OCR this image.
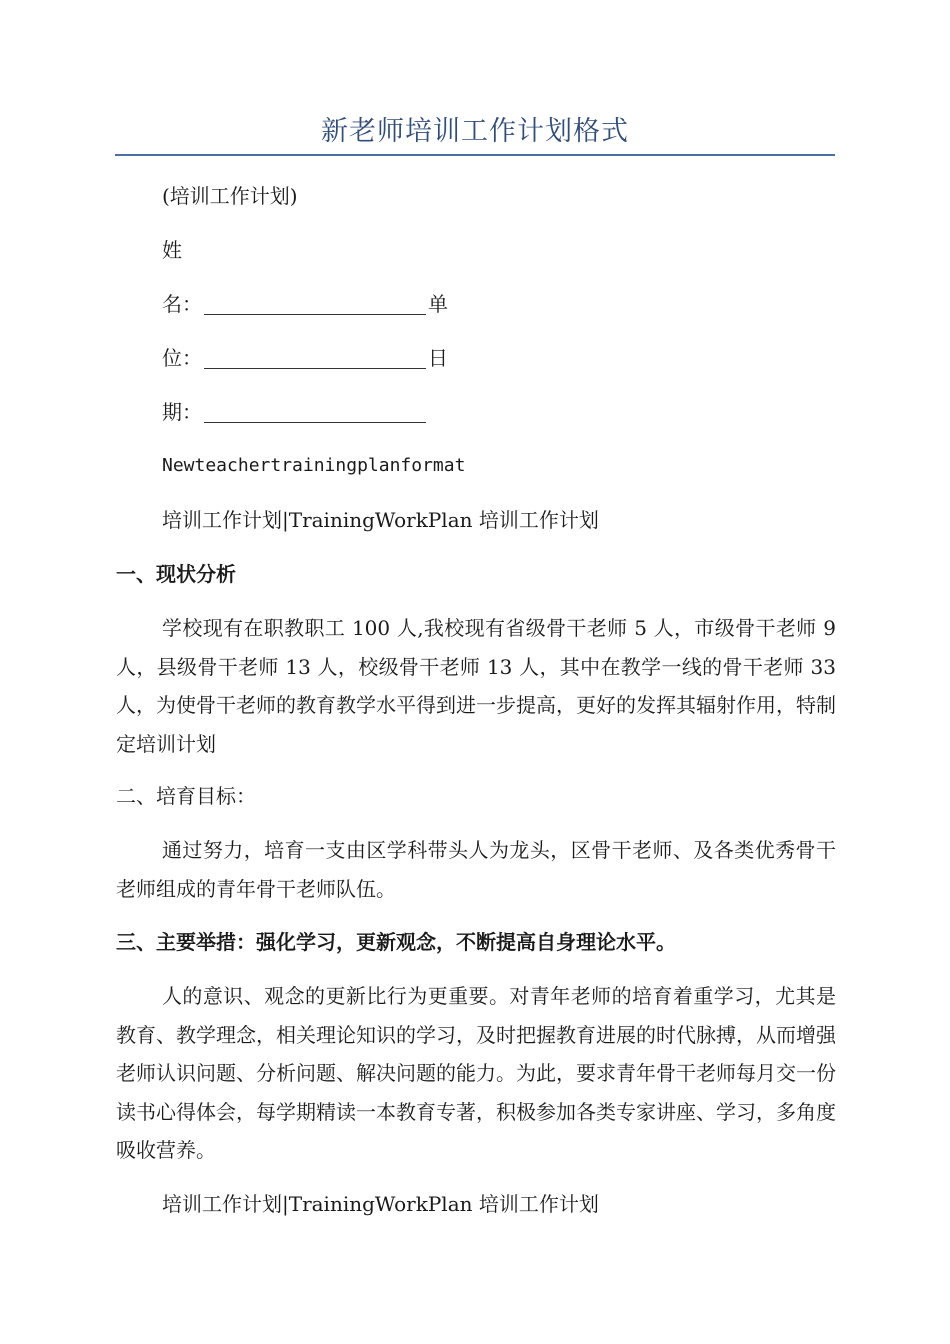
新老师培训工作计划格式
(培训工作计划)
姓
名：	单
位：	日
期：
Newteachertrainingplanformat
培训工作计划|TrainingWorkPlan 培训工作计划
一、现状分析
学校现有在职教职工 100 人,我校现有省级骨干老师 5 人，市级骨干老师 9 人，县级骨干老师 13 人，校级骨干老师 13 人，其中在教学一线的骨干老师 33 人，为使骨干老师的教育教学水平得到进一步提高，更好的发挥其辐射作用，特制定培训计划
二、培育目标：
通过努力，培育一支由区学科带头人为龙头，区骨干老师、及各类优秀骨干老师组成的青年骨干老师队伍。
三、主要举措：强化学习，更新观念，不断提高自身理论水平。
人的意识、观念的更新比行为更重要。对青年老师的培育着重学习，尤其是教育、教学理念，相关理论知识的学习，及时把握教育进展的时代脉搏，从而增强老师认识问题、分析问题、解决问题的能力。为此，要求青年骨干老师每月交一份读书心得体会，每学期精读一本教育专著，积极参加各类专家讲座、学习，多角度吸收营养。
培训工作计划|TrainingWorkPlan 培训工作计划
